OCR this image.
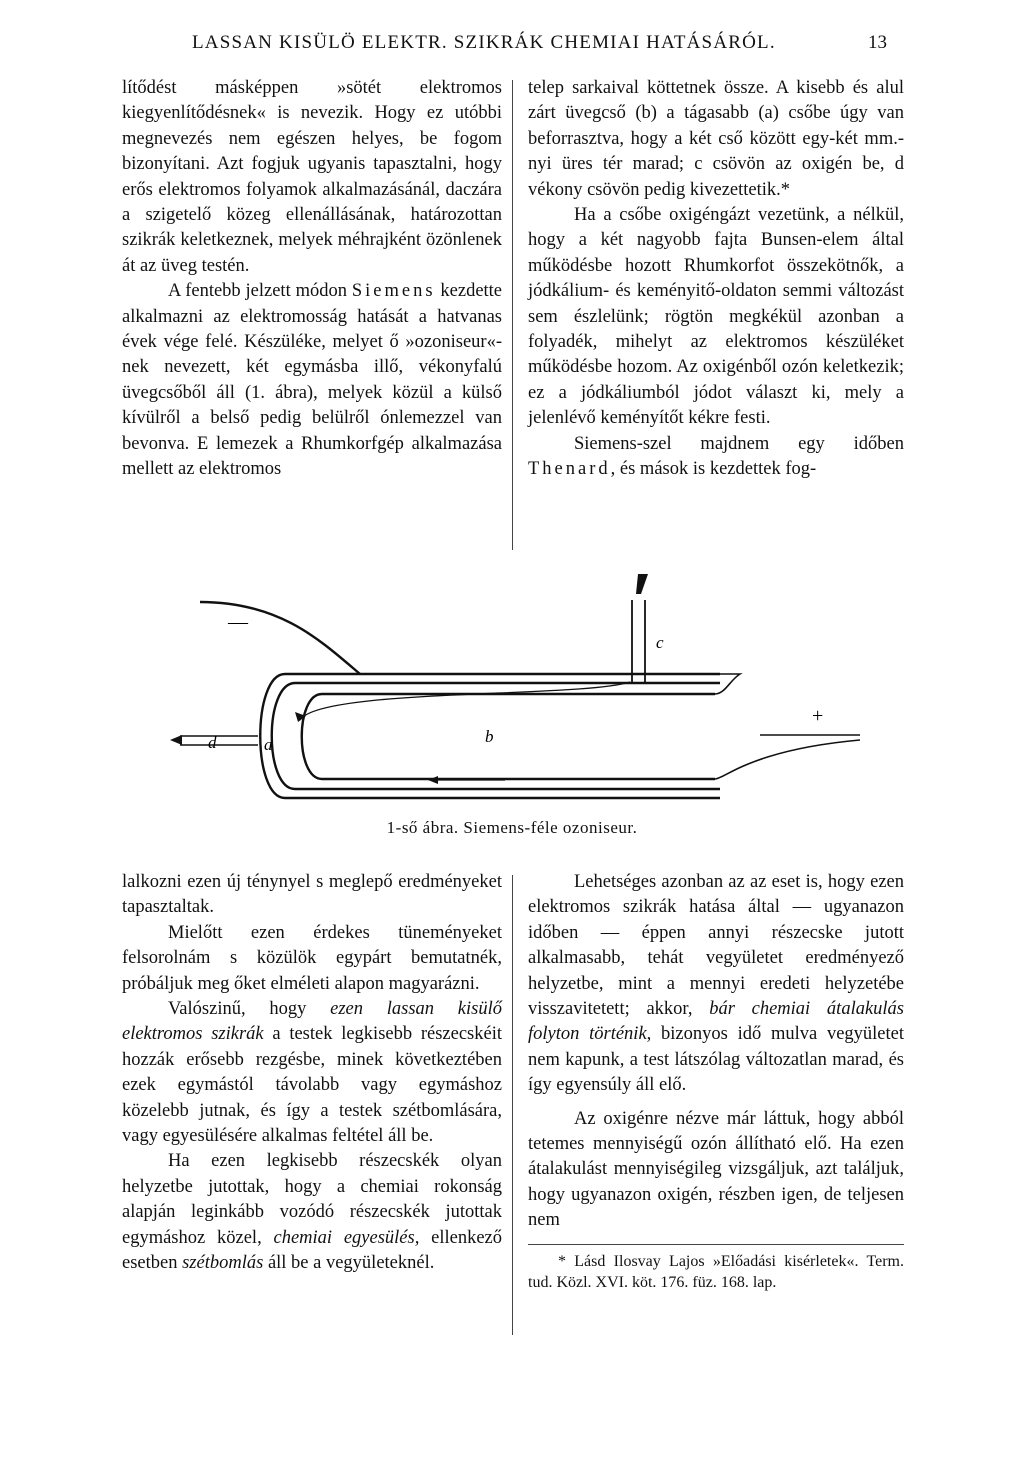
LASSAN KISÜLÖ ELEKTR. SZIKRÁK CHEMIAI HATÁSÁRÓL.	13

lítődést másképpen »sötét elektromos kiegyenlítődésnek« is nevezik. Hogy ez utóbbi megnevezés nem egészen helyes, be fogom bizonyítani. Azt fogjuk ugyanis tapasztalni, hogy erős elektromos folyamok alkalmazásánál, daczára a szigetelő közeg ellenállásának, határozottan szikrák keletkeznek, melyek méhrajként özönlenek át az üveg testén.

A fentebb jelzett módon Siemens kezdette alkalmazni az elektromosság hatását a hatvanas évek vége felé. Készüléke, melyet ő »ozoniseur«-nek nevezett, két egymásba illő, vékonyfalú üvegcsőből áll (1. ábra), melyek közül a külső kívülről a belső pedig belülről ónlemezzel van bevonva. E lemezek a Rhumkorfgép alkalmazása mellett az elektromos

telep sarkaival köttetnek össze. A kisebb és alul zárt üvegcső (b) a tágasabb (a) csőbe úgy van beforrasztva, hogy a két cső között egy-két mm.-nyi üres tér marad; c csövön az oxigén be, d vékony csövön pedig kivezettetik.*

Ha a csőbe oxigéngázt vezetünk, a nélkül, hogy a két nagyobb fajta Bunsen-elem által működésbe hozott Rhumkorfot összekötnők, a jódkálium- és keményitő-oldaton semmi változást sem észlelünk; rögtön megkékül azonban a folyadék, mihelyt az elektromos készüléket működésbe hozom. Az oxigénből ozón keletkezik; ez a jódkáliumból jódot választ ki, mely a jelenlévő keményítőt kékre festi.

Siemens-szel majdnem egy időben Thenard, és mások is kezdettek fog-

—
c
+
d	a	b
1-ső ábra. Siemens-féle ozoniseur.

lalkozni ezen új ténynyel s meglepő eredményeket tapasztaltak.

Mielőtt ezen érdekes tüneményeket felsorolnám s közülök egypárt bemutatnék, próbáljuk meg őket elméleti alapon magyarázni.

Valószinű, hogy ezen lassan kisülő elektromos szikrák a testek legkisebb részecskéit hozzák erősebb rezgésbe, minek következtében ezek egymástól távolabb vagy egymáshoz közelebb jutnak, és így a testek szétbomlására, vagy egyesülésére alkalmas feltétel áll be.

Ha ezen legkisebb részecskék olyan helyzetbe jutottak, hogy a chemiai rokonság alapján leginkább vozódó részecskék jutottak egymáshoz közel, chemiai egyesülés, ellenkező esetben szétbomlás áll be a vegyületeknél.

Lehetséges azonban az az eset is, hogy ezen elektromos szikrák hatása által — ugyanazon időben — éppen annyi részecske jutott alkalmasabb, tehát vegyületet eredményező helyzetbe, mint a mennyi eredeti helyzetébe visszavitetett; akkor, bár chemiai átalakulás folyton történik, bizonyos idő mulva vegyületet nem kapunk, a test látszólag változatlan marad, és így egyensúly áll elő.

Az oxigénre nézve már láttuk, hogy abból tetemes mennyiségű ozón állítható elő. Ha ezen átalakulást mennyiségileg vizsgáljuk, azt találjuk, hogy ugyanazon oxigén, részben igen, de teljesen nem

* Lásd Ilosvay Lajos »Előadási kisérletek«. Term. tud. Közl. XVI. köt. 176. füz. 168. lap.
